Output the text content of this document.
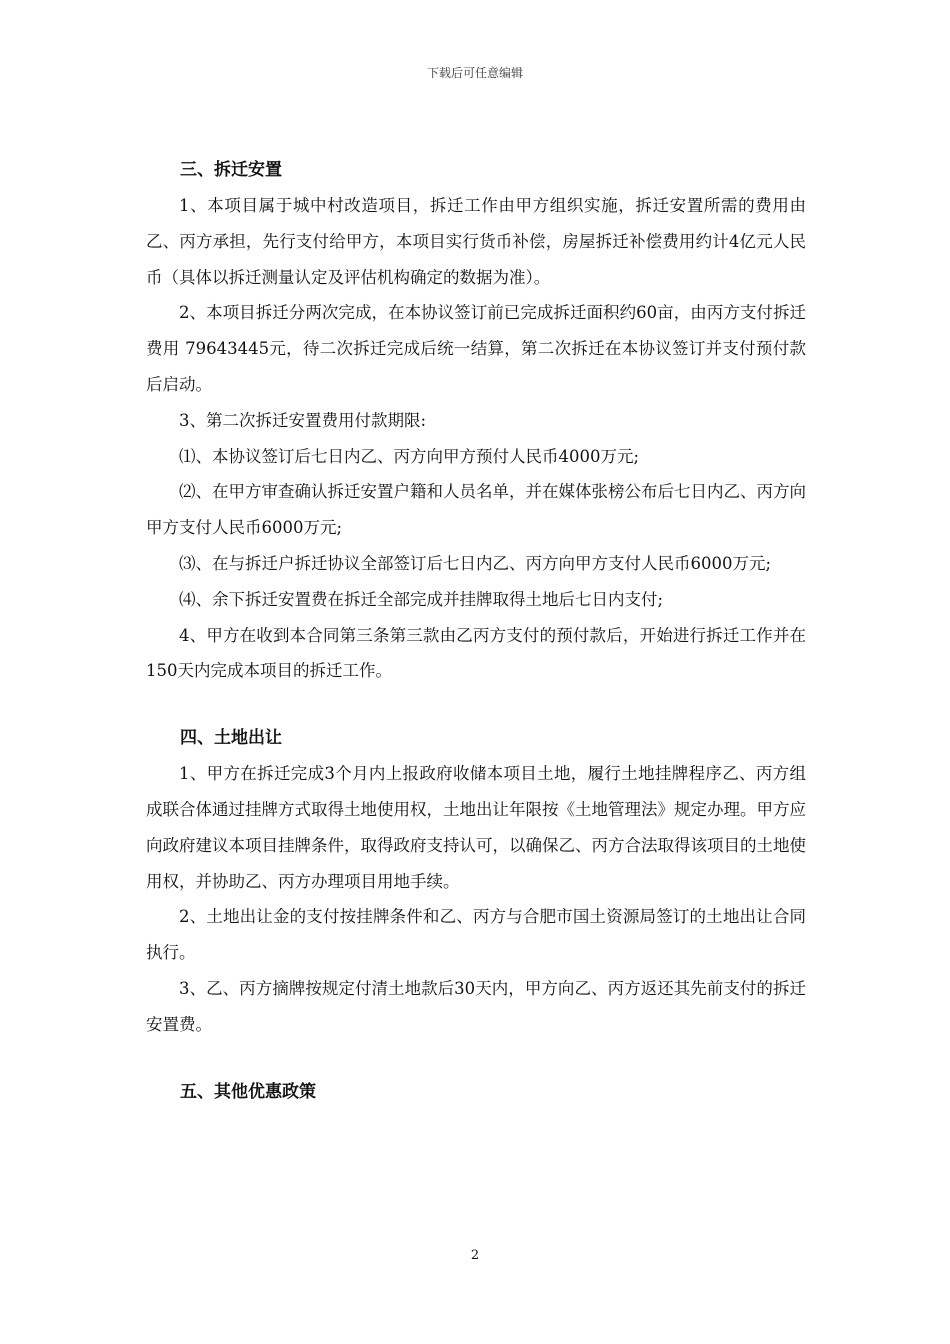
下载后可任意编辑
三、拆迁安置

1、本项目属于城中村改造项目，拆迁工作由甲方组织实施，拆迁安置所需的费用由乙、丙方承担，先行支付给甲方，本项目实行货币补偿，房屋拆迁补偿费用约计4亿元人民币（具体以拆迁测量认定及评估机构确定的数据为准）。

2、本项目拆迁分两次完成，在本协议签订前已完成拆迁面积约60亩，由丙方支付拆迁费用 79643445元，待二次拆迁完成后统一结算，第二次拆迁在本协议签订并支付预付款后启动。

3、第二次拆迁安置费用付款期限:

⑴、本协议签订后七日内乙、丙方向甲方预付人民币4000万元;

⑵、在甲方审查确认拆迁安置户籍和人员名单，并在媒体张榜公布后七日内乙、丙方向甲方支付人民币6000万元;

⑶、在与拆迁户拆迁协议全部签订后七日内乙、丙方向甲方支付人民币6000万元;

⑷、余下拆迁安置费在拆迁全部完成并挂牌取得土地后七日内支付;

4、甲方在收到本合同第三条第三款由乙丙方支付的预付款后，开始进行拆迁工作并在150天内完成本项目的拆迁工作。

四、土地出让

1、甲方在拆迁完成3个月内上报政府收储本项目土地，履行土地挂牌程序乙、丙方组成联合体通过挂牌方式取得土地使用权，土地出让年限按《土地管理法》规定办理。甲方应向政府建议本项目挂牌条件，取得政府支持认可，以确保乙、丙方合法取得该项目的土地使用权，并协助乙、丙方办理项目用地手续。

2、土地出让金的支付按挂牌条件和乙、丙方与合肥市国土资源局签订的土地出让合同执行。

3、乙、丙方摘牌按规定付清土地款后30天内，甲方向乙、丙方返还其先前支付的拆迁安置费。

五、其他优惠政策
2
